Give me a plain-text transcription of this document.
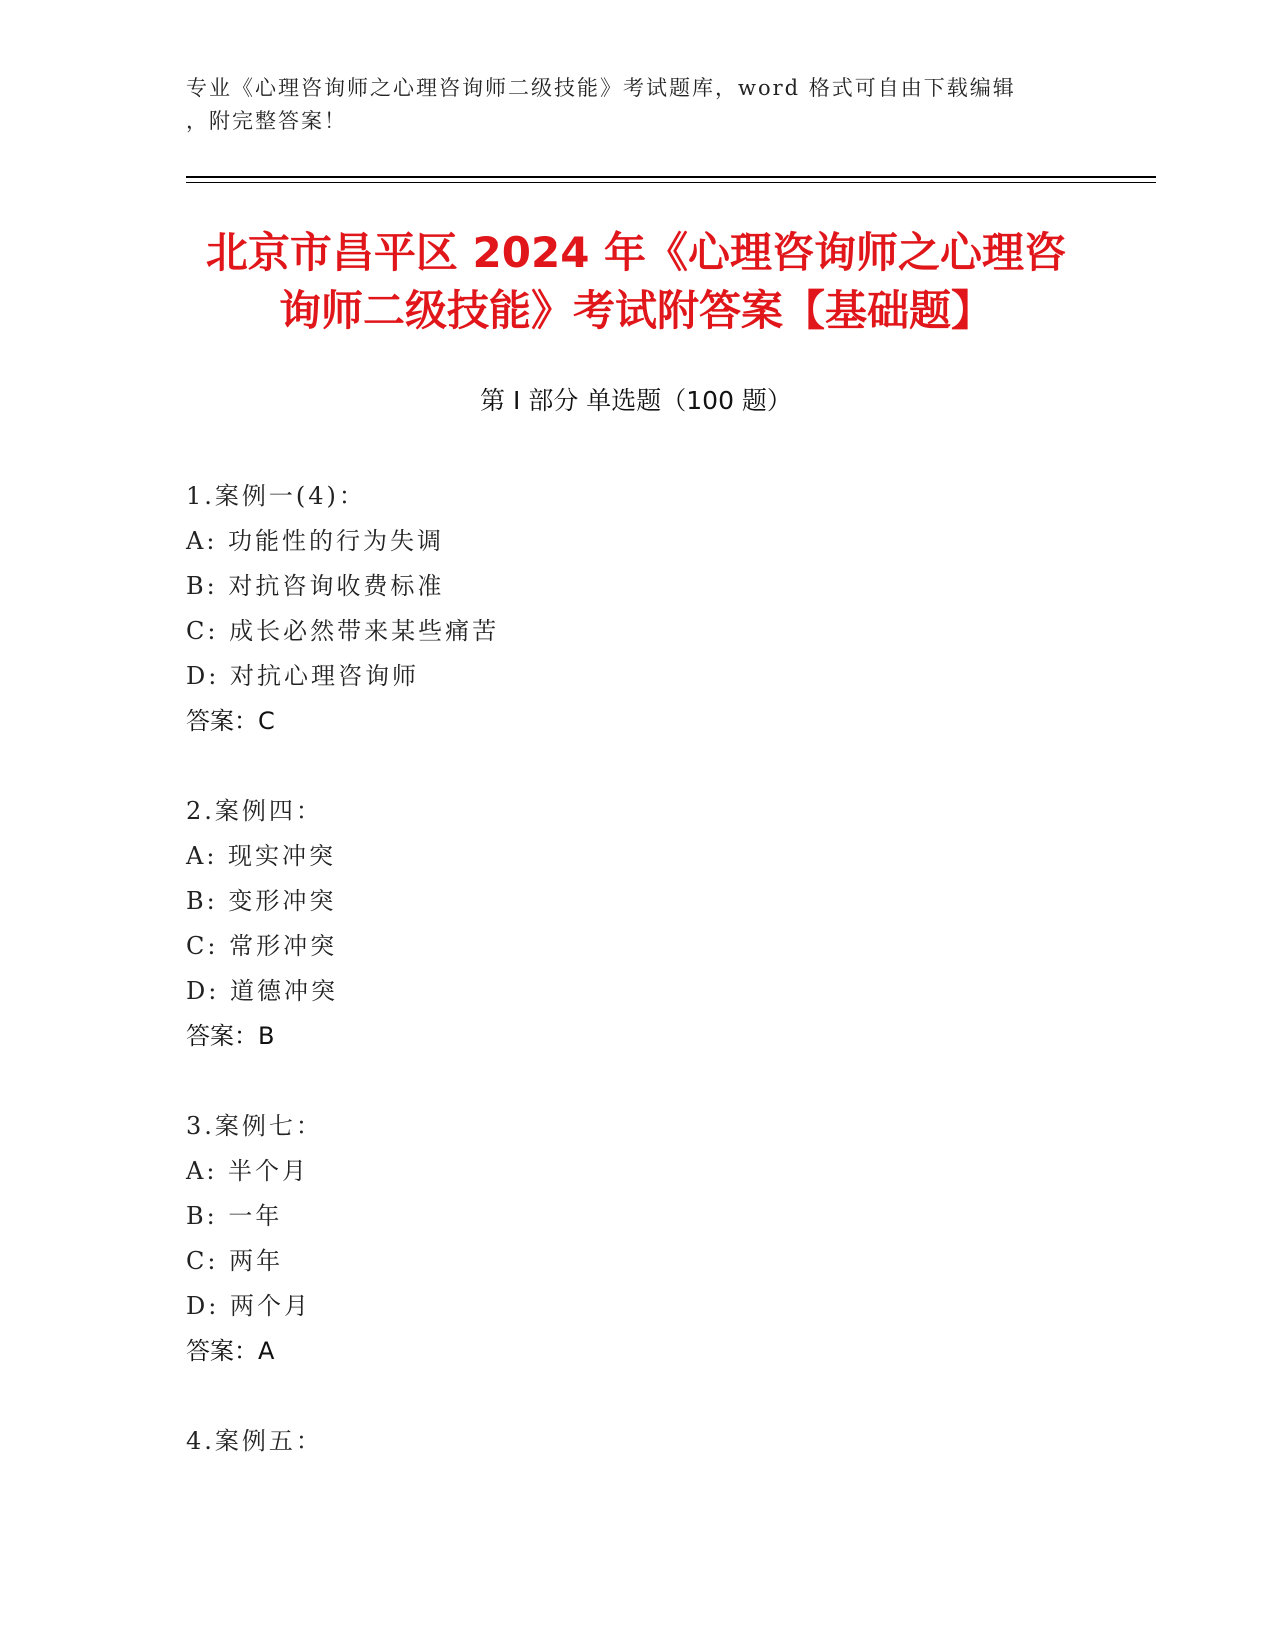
专业《心理咨询师之心理咨询师二级技能》考试题库，word 格式可自由下载编辑
，附完整答案！
北京市昌平区 2024 年《心理咨询师之心理咨
询师二级技能》考试附答案【基础题】
第 I 部分 单选题（100 题）
1.案例一(4)：
A: 功能性的行为失调
B: 对抗咨询收费标准
C: 成长必然带来某些痛苦
D: 对抗心理咨询师
答案：C
2.案例四：
A: 现实冲突
B: 变形冲突
C: 常形冲突
D: 道德冲突
答案：B
3.案例七：
A: 半个月
B: 一年
C: 两年
D: 两个月
答案：A
4.案例五：
